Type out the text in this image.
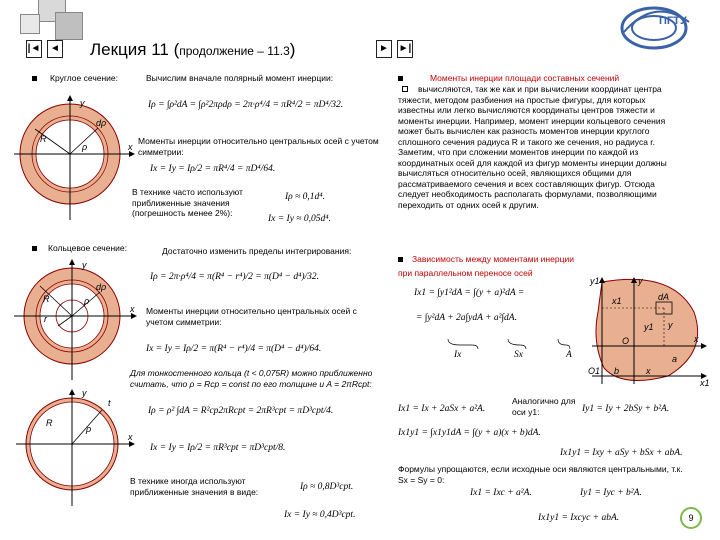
|◄ ◄	► ►|
Лекция 11 (продолжение – 11.3)
ПГТУ
Круглое сечение:	Вычислим вначале полярный момент инерции:
y
x
R
ρ
dρ
Iρ = ∫ρ²dA = ∫ρ²2πρdρ = 2π·ρ⁴/4 = πR⁴/2 = πD⁴/32.
Моменты инерции относительно центральных осей с учетом симметрии:
Ix = Iy = Iρ/2 = πR⁴/4 = πD⁴/64.
В технике часто используют приближенные значения (погрешность менее 2%):
Iρ ≈ 0,1d⁴.
Ix = Iy ≈ 0,05d⁴.
Кольцевое сечение:	Достаточно изменить пределы интегрирования:
y
x
R
r
ρ
dρ
Iρ = 2π·ρ⁴/4 = π(R⁴ − r⁴)/2 = π(D⁴ − d⁴)/32.
Моменты инерции относительно центральных осей с учетом симметрии:
Ix = Iy = Iρ/2 = π(R⁴ − r⁴)/4 = π(D⁴ − d⁴)/64.
Для тонкостенного кольца (t < 0,075R) можно приближенно считать, что ρ = Rср = const по его толщине и A = 2πRсрt:
y
x
R
ρ
t
Iρ = ρ² ∫dA = R²ср2πRсрt = 2πR³срt = πD³срt/4.
Ix = Iy = Iρ/2 = πR³срt = πD³срt/8.
В технике иногда используют приближенные значения в виде:	Iρ ≈ 0,8D³срt.
Ix = Iy ≈ 0,4D³срt.
Моменты инерции площади составных сечений
вычисляются, так же как и при вычислении координат центра тяжести, методом разбиения на простые фигуры, для которых известны или легко вычисляются координаты центров тяжести и моменты инерции. Например, момент инерции кольцевого сечения может быть вычислен как разность моментов инерции круглого сплошного сечения радиуса R и такого же сечения, но радиуса r. Заметим, что при сложении моментов инерции по каждой из координатных осей для каждой из фигур моменты инерции должны вычисляться относительно осей, являющихся общими для рассматриваемого сечения и всех составляющих фигур. Отсюда следует необходимость располагать формулами, позволяющими переходить от одних осей к другим.
Зависимость между моментами инерции
при параллельном переносе осей
Ix1 = ∫y1²dA = ∫(y + a)²dA =
= ∫y²dA + 2a∫ydA + a²∫dA.
Ix	Sx	A
y1	y
x1	dA
y
y1
x
O
a
O1 b	x
x1
Аналогично для оси y1:
Ix1 = Ix + 2aSx + a²A.	Iy1 = Iy + 2bSy + b²A.
Ix1y1 = ∫x1y1dA = ∫(y + a)(x + b)dA.
Ix1y1 = Ixy + aSy + bSx + abA.
Формулы упрощаются, если исходные оси являются центральными, т.к. Sx = Sy = 0:
Ix1 = Ixc + a²A.	Iy1 = Iyc + b²A.
Ix1y1 = Ixcyc + abA.	9
